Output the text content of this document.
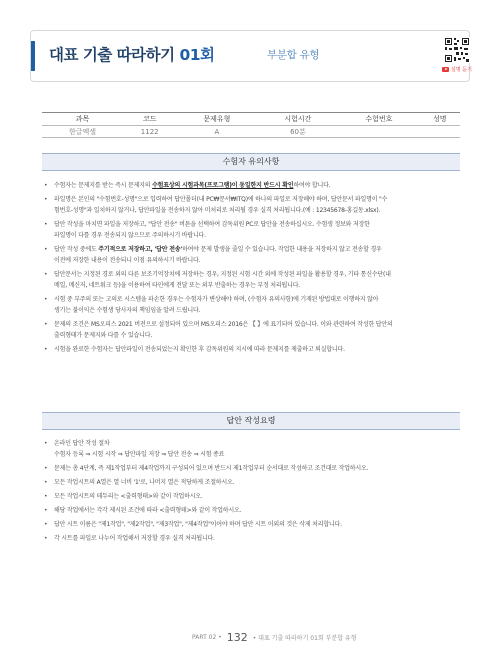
대표 기출 따라하기 01회	부분합 유형
설명 듣기
과목	코드	문제유형	시험시간	수험번호	성명
한글엑셀	1122	A	60분		
수험자 유의사항
• 수험자는 문제지를 받는 즉시 문제지의 수험표상의 시험과목(프로그램)이 동일한지 반드시 확인하여야 합니다.
• 파일명은 본인의 "수험번호-성명"으로 입력하여 답안폴더(내 PC₩문서₩ITQ)에 하나의 파일로 저장해야 하며, 답안문서 파일명이 "수
험번호-성명"과 일치하지 않거나, 답안파일을 전송하지 않아 미처리로 처리될 경우 실격 처리됩니다.(예 : 12345678-홍길동.xlsx).
• 답안 작성을 마치면 파일을 저장하고, "답안 전송" 버튼을 선택하여 감독위원 PC로 답안을 전송하십시오. 수험생 정보와 저장한
파일명이 다를 경우 전송되지 않으므로 주의하시기 바랍니다.
• 답안 작성 중에도 주기적으로 저장하고, '답안 전송'하여야 문제 발생을 줄일 수 있습니다. 작업한 내용을 저장하지 않고 전송할 경우
이전에 저장한 내용이 전송되니 이점 유의하시기 바랍니다.
• 답안문서는 지정된 경로 외의 다른 보조기억장치에 저장하는 경우, 지정된 시험 시간 외에 작성된 파일을 활용할 경우, 기타 통신수단(내
메일, 메신저, 네트워크 등)을 이용하여 타인에게 전달 또는 외부 반출하는 경우는 부정 처리됩니다.
• 시험 중 부주의 또는 고의로 시스템을 파손한 경우는 수험자가 변상해야 하며, (수험자 유의사항)에 기재된 방법대로 이행하지 않아
생기는 불이익은 수험생 당사자의 책임임을 알려 드립니다.
• 문제의 조건은 MS오피스 2021 버전으로 설정되어 있으며 MS오피스 2016은 【 】에 표기되어 있습니다. 이와 관련하여 작성한 답안의
출력형태가 문제지와 다를 수 있습니다.
• 시험을 완료한 수험자는 답안파일이 전송되었는지 확인한 후 감독위원의 지시에 따라 문제지를 제출하고 퇴실합니다.
답안 작성요령
• 온라인 답안 작성 절차
수험자 등록 ⇒ 시험 시작 ⇒ 답안파일 저장 ⇒ 답안 전송 ⇒ 시험 종료
• 문제는 총 4단계, 즉 제1작업부터 제4작업까지 구성되어 있으며 반드시 제1작업부터 순서대로 작성하고 조건대로 작업하시오.
• 모든 작업시트의 A열은 열 너비 '1'로, 나머지 열은 적당하게 조절하시오.
• 모든 작업시트의 테두리는 <출력형태>와 같이 작업하시오.
• 해당 작업에서는 각각 제시된 조건에 따라 <출력형태>와 같이 작업하시오.
• 답안 시트 이름은 "제1작업", "제2작업", "제3작업", "제4작업"이어야 하며 답안 시트 이외의 것은 삭제 처리합니다.
• 각 시트를 파일로 나누어 작업해서 저장할 경우 실격 처리됩니다.
PART 02 • 132 • 대표 기출 따라하기 01회 부분합 유형
